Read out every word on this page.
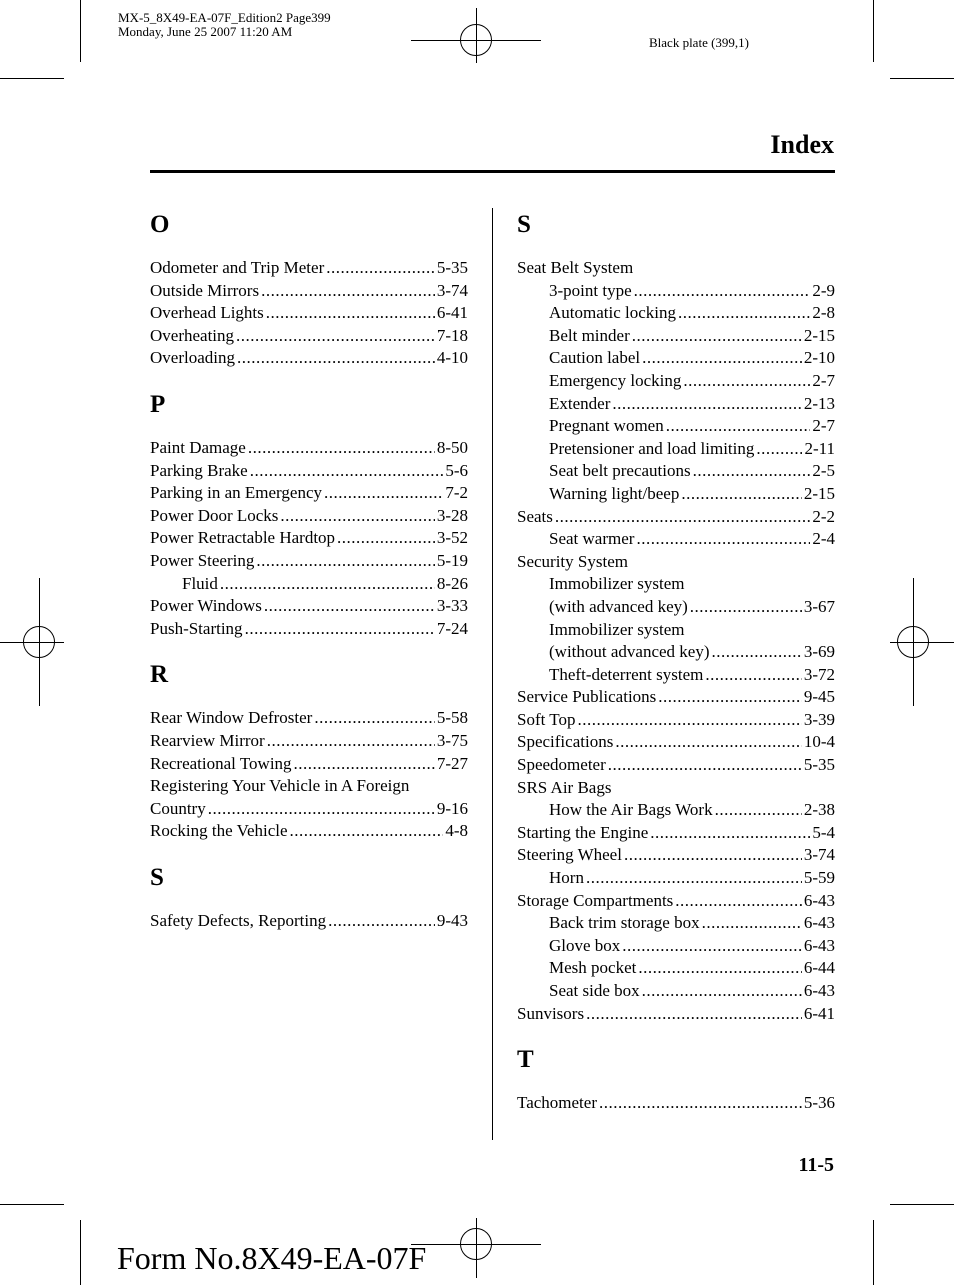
MX-5_8X49-EA-07F_Edition2 Page399
Monday, June 25 2007 11:20 AM
Black plate (399,1)
Index
O
Odometer and Trip Meter .....	5-35
Outside Mirrors .....	3-74
Overhead Lights .....	6-41
Overheating .....	7-18
Overloading .....	4-10
P
Paint Damage .....	8-50
Parking Brake .....	5-6
Parking in an Emergency .....	7-2
Power Door Locks .....	3-28
Power Retractable Hardtop .....	3-52
Power Steering .....	5-19
Fluid .....	8-26
Power Windows .....	3-33
Push-Starting .....	7-24
R
Rear Window Defroster .....	5-58
Rearview Mirror .....	3-75
Recreational Towing .....	7-27
Registering Your Vehicle in A Foreign
Country .....	9-16
Rocking the Vehicle .....	4-8
S
Safety Defects, Reporting .....	9-43
S
Seat Belt System
3-point type .....	2-9
Automatic locking .....	2-8
Belt minder .....	2-15
Caution label .....	2-10
Emergency locking .....	2-7
Extender .....	2-13
Pregnant women .....	2-7
Pretensioner and load limiting .....	2-11
Seat belt precautions .....	2-5
Warning light/beep .....	2-15
Seats .....	2-2
Seat warmer .....	2-4
Security System
Immobilizer system
(with advanced key) .....	3-67
Immobilizer system
(without advanced key) .....	3-69
Theft-deterrent system .....	3-72
Service Publications .....	9-45
Soft Top .....	3-39
Specifications .....	10-4
Speedometer .....	5-35
SRS Air Bags
How the Air Bags Work .....	2-38
Starting the Engine .....	5-4
Steering Wheel .....	3-74
Horn .....	5-59
Storage Compartments .....	6-43
Back trim storage box .....	6-43
Glove box .....	6-43
Mesh pocket .....	6-44
Seat side box .....	6-43
Sunvisors .....	6-41
T
Tachometer .....	5-36
11-5
Form No.8X49-EA-07F
